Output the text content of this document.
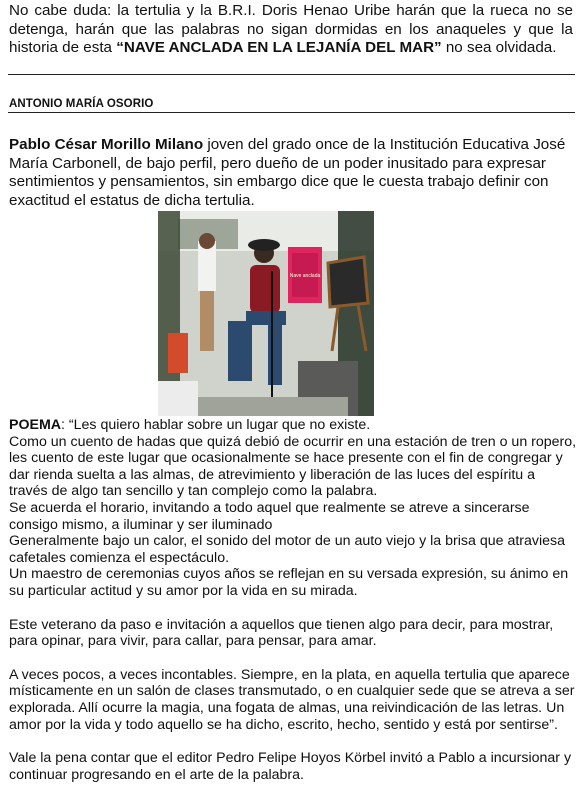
No cabe duda: la tertulia y la B.R.I. Doris Henao Uribe harán que la rueca no se detenga, harán que las palabras no sigan dormidas en los anaqueles y que la historia de esta “NAVE ANCLADA EN LA LEJANÍA DEL MAR” no sea olvidada.
ANTONIO MARÍA OSORIO
Pablo César Morillo Milano joven del grado once de la Institución Educativa José María Carbonell, de bajo perfil, pero dueño de un poder inusitado para expresar sentimientos y pensamientos, sin embargo dice que le cuesta trabajo definir con exactitud el estatus de dicha tertulia.
Nave anclada

POEMA: “Les quiero hablar sobre un lugar que no existe.

Como un cuento de hadas que quizá debió de ocurrir en una estación de tren o un ropero, les cuento de este lugar que ocasionalmente se hace presente con el fin de congregar y dar rienda suelta a las almas, de atrevimiento y liberación de las luces del espíritu a través de algo tan sencillo y tan complejo como la palabra.

Se acuerda el horario, invitando a todo aquel que realmente se atreve a sincerarse consigo mismo, a iluminar y ser iluminado

Generalmente bajo un calor, el sonido del motor de un auto viejo y la brisa que atraviesa cafetales comienza el espectáculo.

Un maestro de ceremonias cuyos años se reflejan en su versada expresión, su ánimo en su particular actitud y su amor por la vida en su mirada.

Este veterano da paso e invitación a aquellos que tienen algo para decir, para mostrar, para opinar, para vivir, para callar, para pensar, para amar.

A veces pocos, a veces incontables. Siempre, en la plata, en aquella tertulia que aparece místicamente en un salón de clases transmutado, o en cualquier sede que se atreva a ser explorada. Allí ocurre la magia, una fogata de almas, una reivindicación de las letras. Un amor por la vida y todo aquello se ha dicho, escrito, hecho, sentido y está por sentirse”.

Vale la pena contar que el editor Pedro Felipe Hoyos Körbel invitó a Pablo a incursionar y continuar progresando en el arte de la palabra.
